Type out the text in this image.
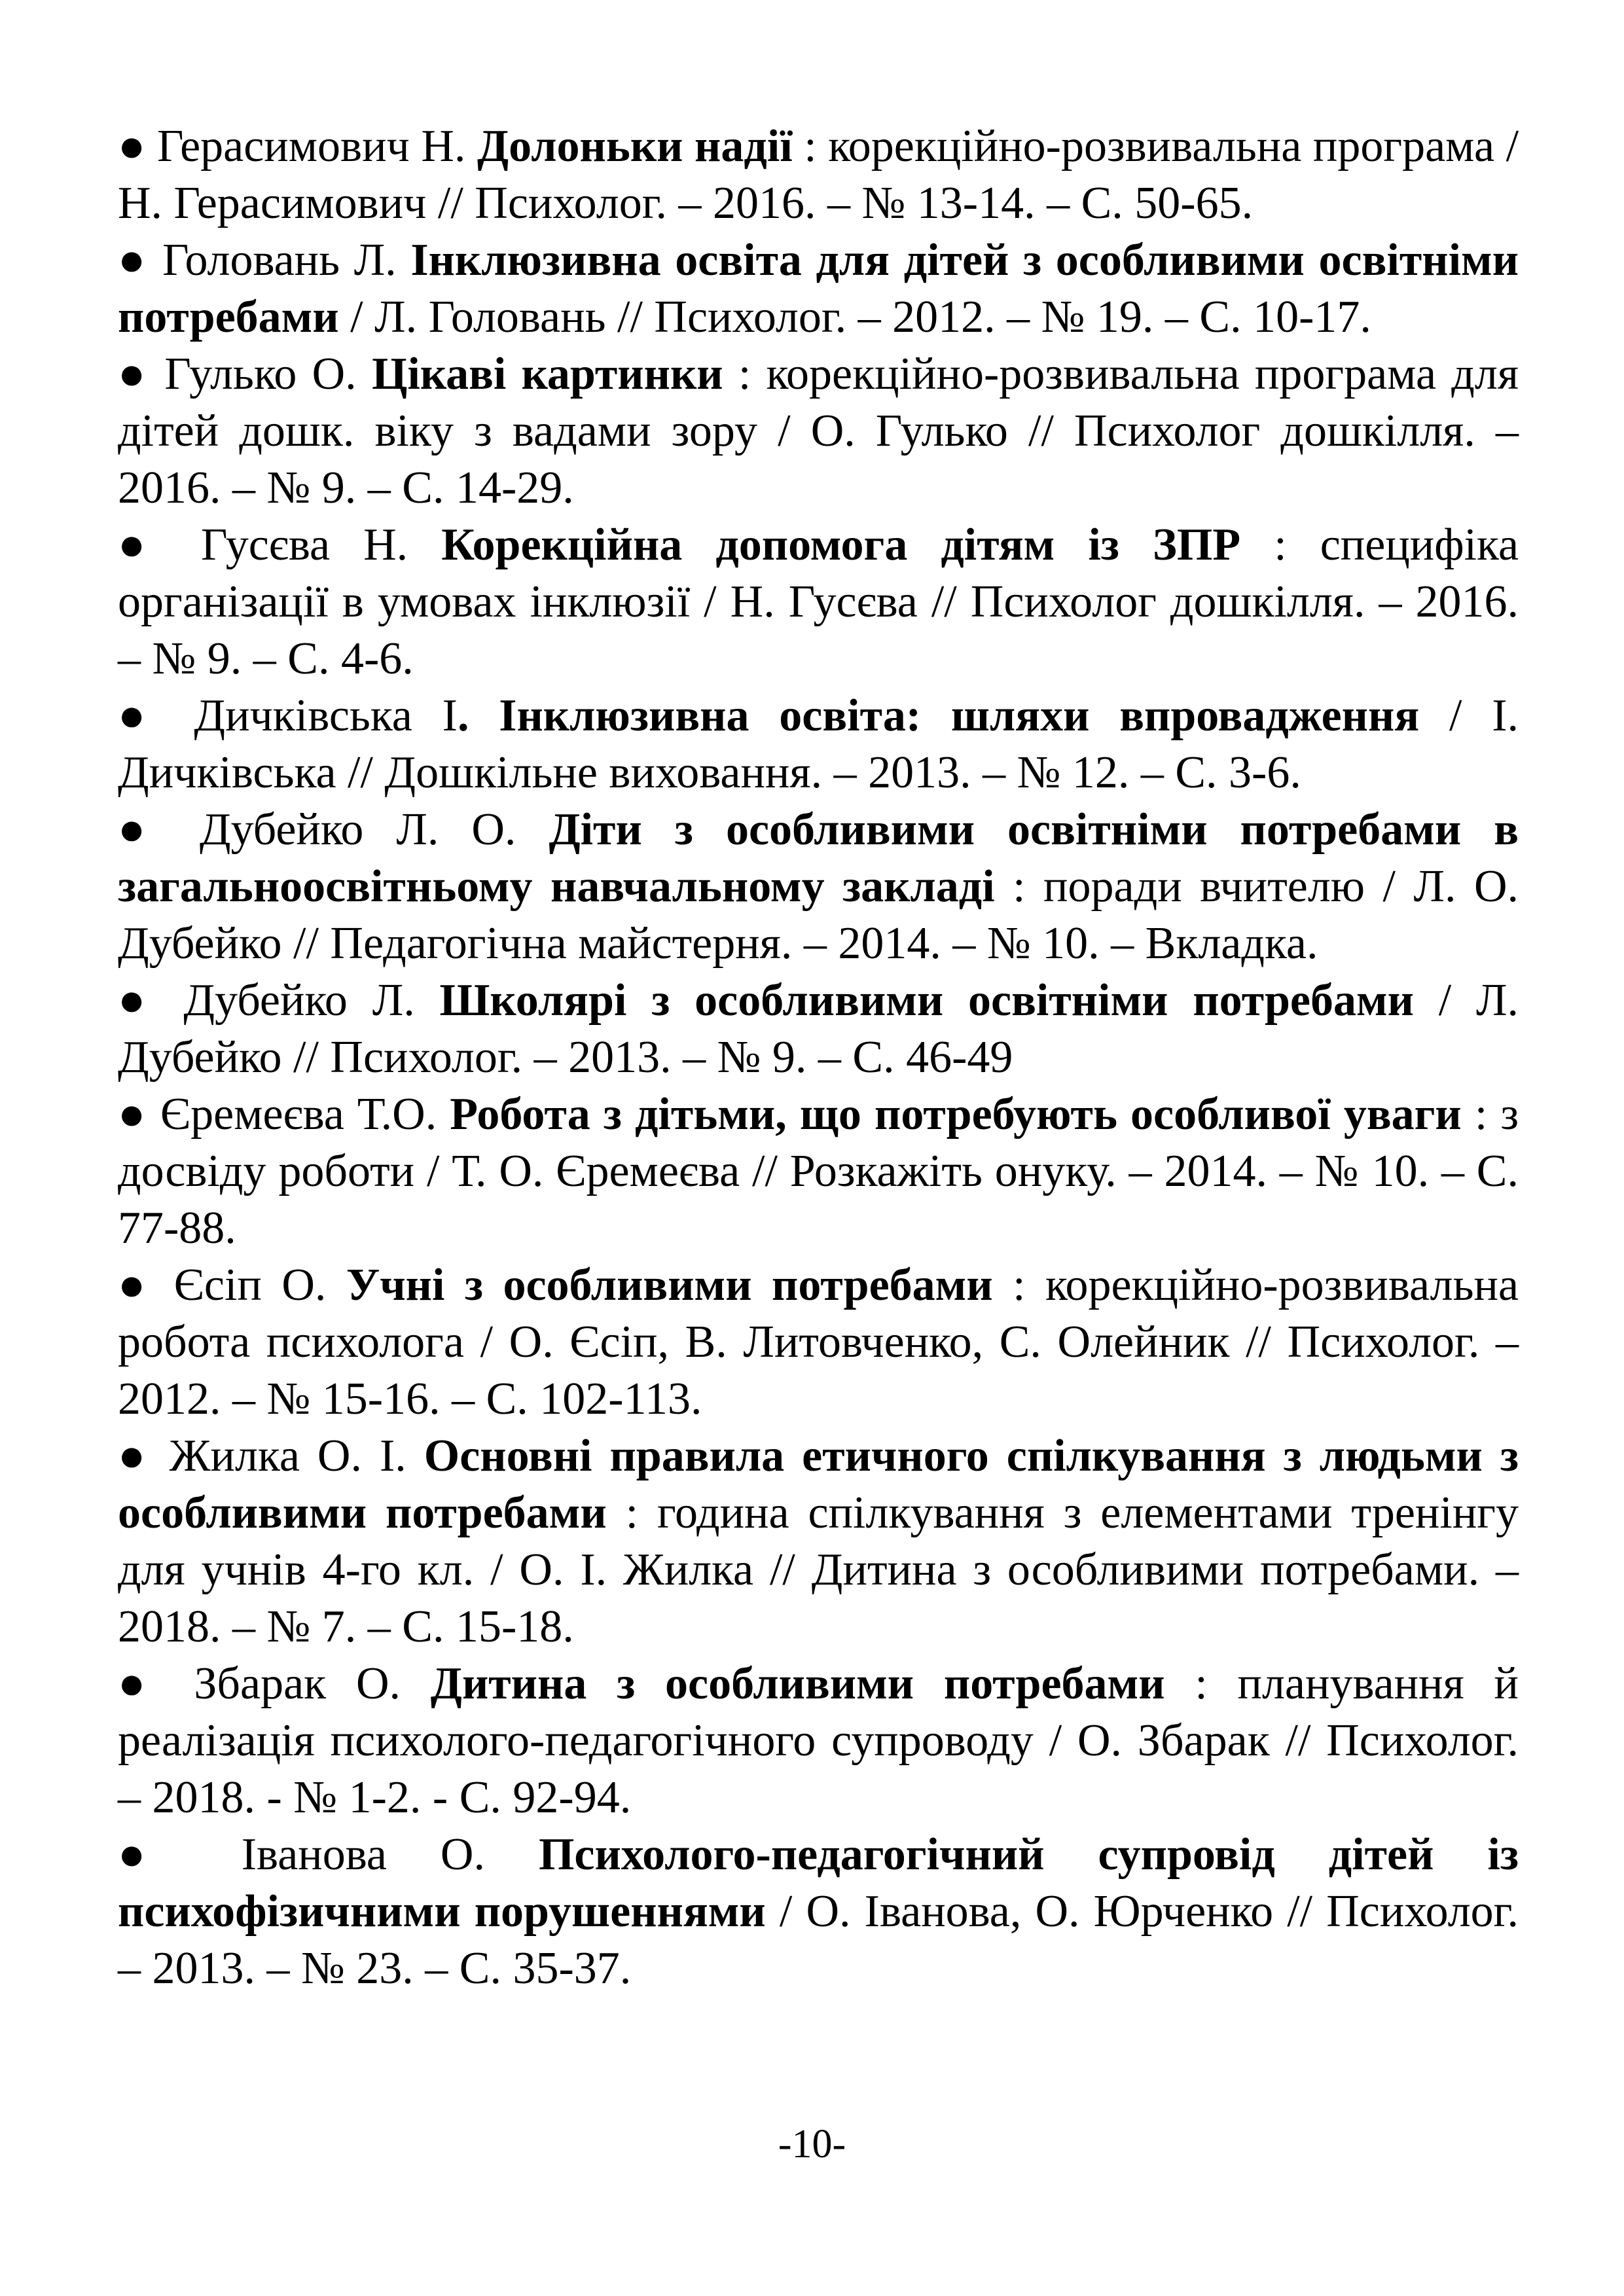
● Герасимович Н. Долоньки надії : корекційно-розвивальна програма / Н. Герасимович // Психолог. – 2016. – № 13-14. – С. 50-65.

● Головань Л. Інклюзивна освіта для дітей з особливими освітніми потребами / Л. Головань // Психолог. – 2012. – № 19. – С. 10-17.

● Гулько О. Цікаві картинки : корекційно-розвивальна програма для дітей дошк. віку з вадами зору / О. Гулько // Психолог дошкілля. – 2016. – № 9. – С. 14-29.

● Гусєва Н. Корекційна допомога дітям із ЗПР : специфіка організації в умовах інклюзії / Н. Гусєва // Психолог дошкілля. – 2016. – № 9. – С. 4-6.

● Дичківська І. Інклюзивна освіта: шляхи впровадження / І. Дичківська // Дошкільне виховання. – 2013. – № 12. – С. 3-6.

● Дубейко Л. О. Діти з особливими освітніми потребами в загальноосвітньому навчальному закладі : поради вчителю / Л. О. Дубейко // Педагогічна майстерня. – 2014. – № 10. – Вкладка.

● Дубейко Л. Школярі з особливими освітніми потребами / Л. Дубейко // Психолог. – 2013. – № 9. – С. 46-49

● Єремеєва Т.О. Робота з дітьми, що потребують особливої уваги : з досвіду роботи / Т. О. Єремеєва // Розкажіть онуку. – 2014. – № 10. – С. 77-88.

● Єсіп О. Учні з особливими потребами : корекційно-розвивальна робота психолога / О. Єсіп, В. Литовченко, С. Олейник // Психолог. – 2012. – № 15-16. – С. 102-113.

● Жилка О. І. Основні правила етичного спілкування з людьми з особливими потребами : година спілкування з елементами тренінгу для учнів 4-го кл. / О. І. Жилка // Дитина з особливими потребами. – 2018. – № 7. – С. 15-18.

● Збарак О. Дитина з особливими потребами : планування й реалізація психолого-педагогічного супроводу / О. Збарак // Психолог. – 2018. - № 1-2. - С. 92-94.

● Іванова О. Психолого-педагогічний супровід дітей із психофізичними порушеннями / О. Іванова, О. Юрченко // Психолог. – 2013. – № 23. – С. 35-37.

-10-
